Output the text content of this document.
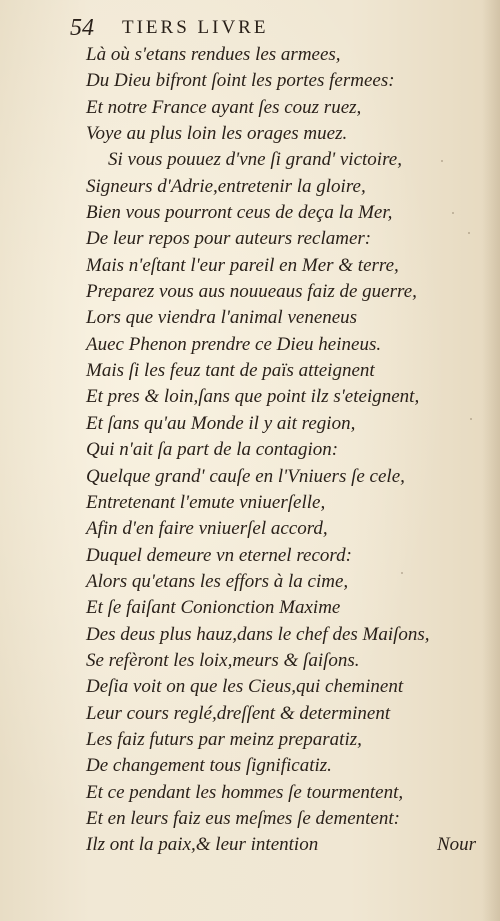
54 TIERS LIVRE
Là où s'etans rendues les armees,
Du Dieu bifront ſoint les portes fermees:
Et notre France ayant ſes couz ruez,
Voye au plus loin les orages muez.
Si vous pouuez d'vne ſi grand' victoire,
Signeurs d'Adrie,entretenir la gloire,
Bien vous pourront ceus de deça la Mer,
De leur repos pour auteurs reclamer:
Mais n'eſtant l'eur pareil en Mer & terre,
Preparez vous aus nouueaus faiz de guerre,
Lors que viendra l'animal veneneus
Auec Phenon prendre ce Dieu heineus.
Mais ſi les feuz tant de païs atteignent
Et pres & loin,ſans que point ilz s'eteignent,
Et ſans qu'au Monde il y ait region,
Qui n'ait ſa part de la contagion:
Quelque grand' cauſe en l'Vniuers ſe cele,
Entretenant l'emute vniuerſelle,
Afin d'en faire vniuerſel accord,
Duquel demeure vn eternel record:
Alors qu'etans les effors à la cime,
Et ſe faiſant Conionction Maxime
Des deus plus hauz,dans le chef des Maiſons,
Se refèront les loix,meurs & ſaiſons.
Deſia voit on que les Cieus,qui cheminent
Leur cours reglé,dreſſent & determinent
Les faiz futurs par meinz preparatiz,
De changement tous ſignificatiz.
Et ce pendant les hommes ſe tourmentent,
Et en leurs faiz eus meſmes ſe dementent:
Ilz ont la paix,& leur intention	Nour
